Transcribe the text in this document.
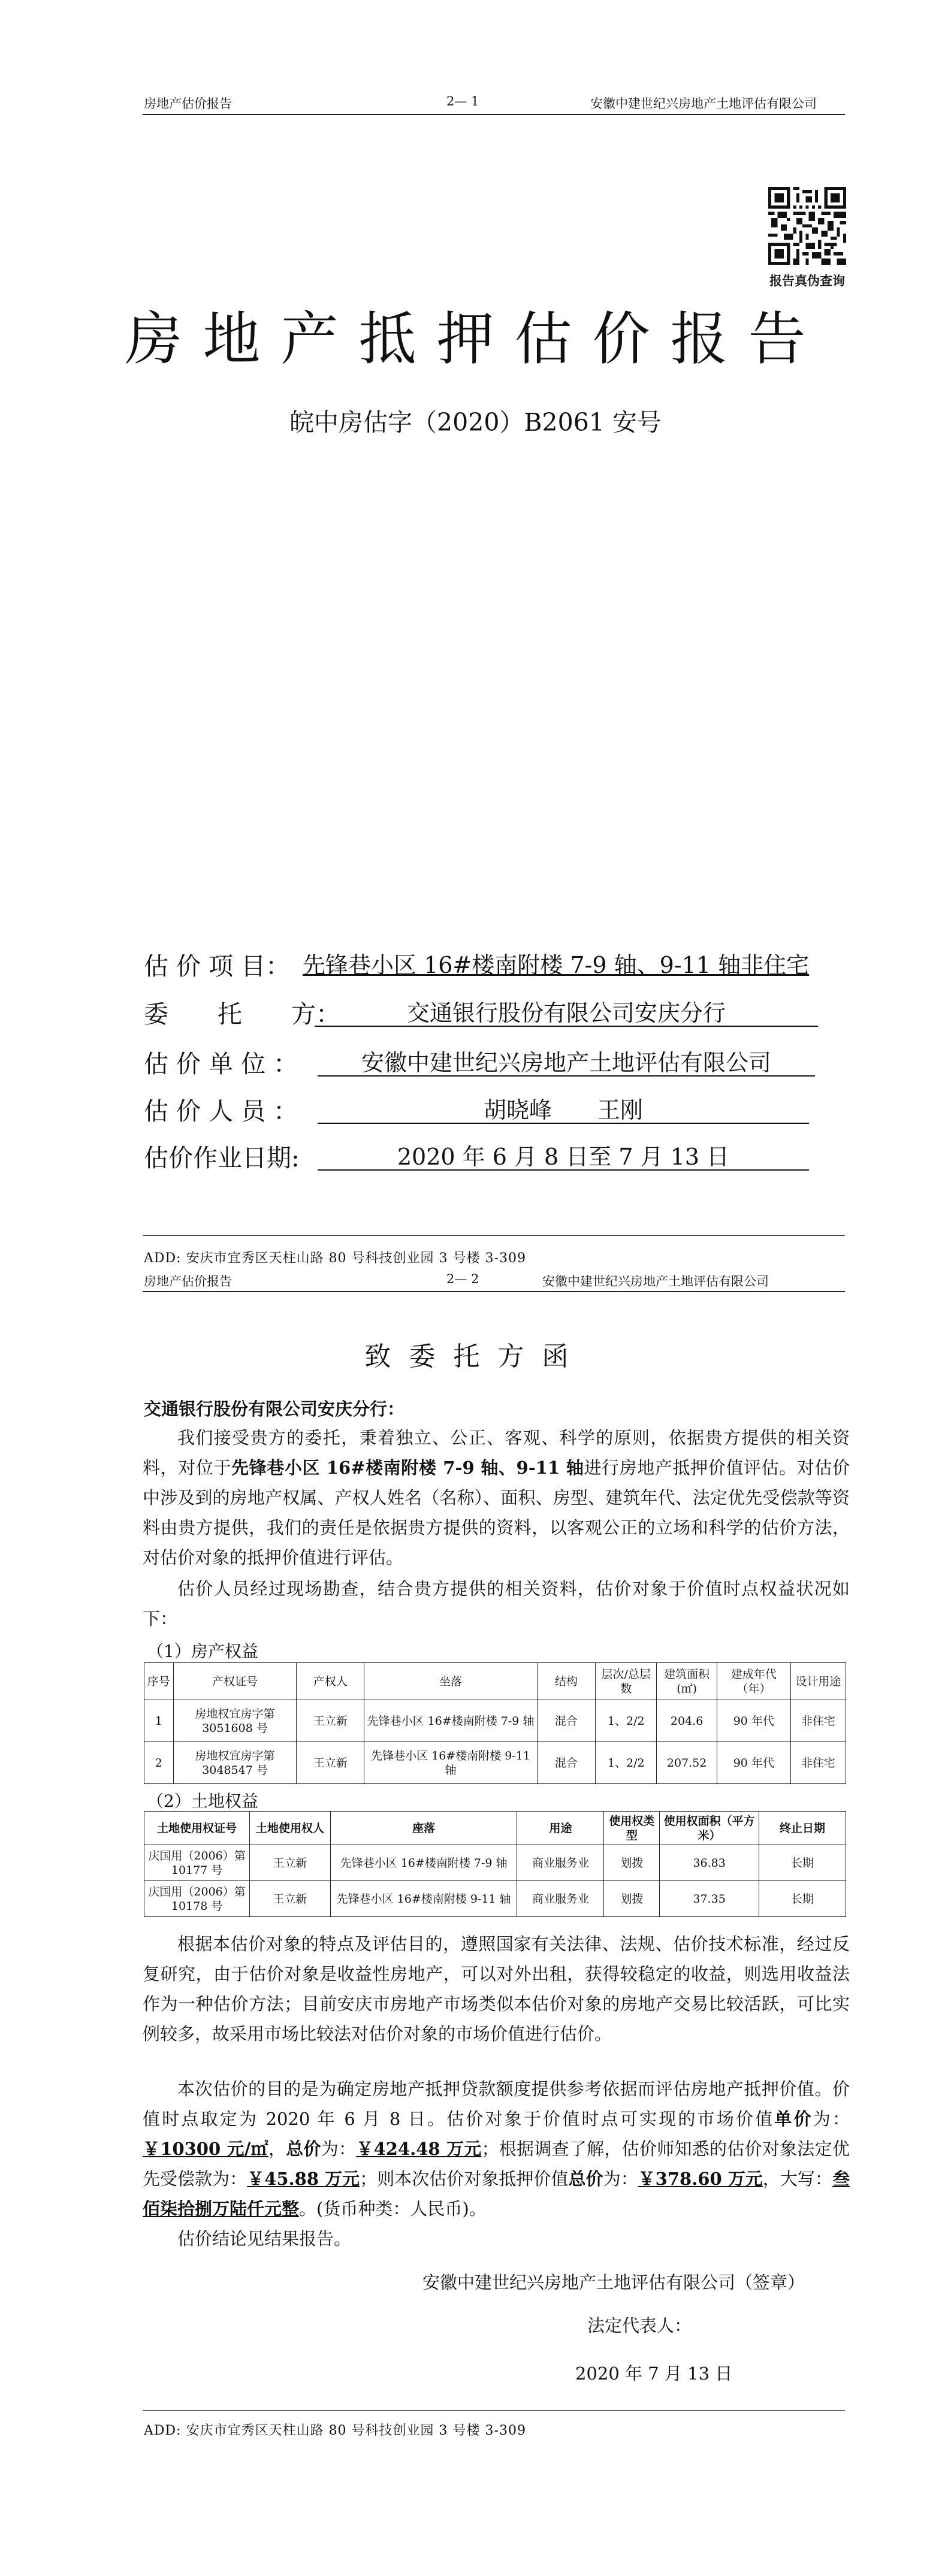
房地产估价报告	2— 1	安徽中建世纪兴房地产土地评估有限公司
报告真伪查询
房地产抵押估价报告
皖中房估字（2020）B2061 安号
估 价 项 目： 先锋巷小区 16#楼南附楼 7-9 轴、9-11 轴非住宅
委　　托　　方：	交通银行股份有限公司安庆分行
估 价 单 位 ：	安徽中建世纪兴房地产土地评估有限公司
估 价 人 员 ：	胡晓峰　　王刚
估价作业日期:	2020 年 6 月 8 日至 7 月 13 日
ADD: 安庆市宜秀区天柱山路 80 号科技创业园 3 号楼 3-309
房地产估价报告	2— 2	安徽中建世纪兴房地产土地评估有限公司
致委托方函
交通银行股份有限公司安庆分行：
我们接受贵方的委托，秉着独立、公正、客观、科学的原则，依据贵方提供的相关资料，对位于先锋巷小区 16#楼南附楼 7-9 轴、9-11 轴进行房地产抵押价值评估。对估价中涉及到的房地产权属、产权人姓名（名称）、面积、房型、建筑年代、法定优先受偿款等资料由贵方提供，我们的责任是依据贵方提供的资料，以客观公正的立场和科学的估价方法，对估价对象的抵押价值进行评估。
估价人员经过现场勘查，结合贵方提供的相关资料，估价对象于价值时点权益状况如下：
（1）房产权益
序号	产权证号	产权人	坐落	结构	层次/总层数	建筑面积(㎡)	建成年代（年）	设计用途
1	房地权宜房字第 3051608 号	王立新	先锋巷小区 16#楼南附楼 7-9 轴	混合	1、2/2	204.6	90 年代	非住宅
2	房地权宜房字第 3048547 号	王立新	先锋巷小区 16#楼南附楼 9-11 轴	混合	1、2/2	207.52	90 年代	非住宅
（2）土地权益
土地使用权证号	土地使用权人	座落	用途	使用权类型	使用权面积（平方米）	终止日期
庆国用（2006）第 10177 号	王立新	先锋巷小区 16#楼南附楼 7-9 轴	商业服务业	划拨	36.83	长期
庆国用（2006）第 10178 号	王立新	先锋巷小区 16#楼南附楼 9-11 轴	商业服务业	划拨	37.35	长期
根据本估价对象的特点及评估目的，遵照国家有关法律、法规、估价技术标准，经过反复研究，由于估价对象是收益性房地产，可以对外出租，获得较稳定的收益，则选用收益法作为一种估价方法；目前安庆市房地产市场类似本估价对象的房地产交易比较活跃，可比实例较多，故采用市场比较法对估价对象的市场价值进行估价。
本次估价的目的是为确定房地产抵押贷款额度提供参考依据而评估房地产抵押价值。价值时点取定为 2020 年 6 月 8 日。估价对象于价值时点可实现的市场价值单价为：￥10300 元/㎡，总价为：￥424.48 万元；根据调查了解，估价师知悉的估价对象法定优先受偿款为：￥45.88 万元；则本次估价对象抵押价值总价为：￥378.60 万元，大写：叁佰柒拾捌万陆仟元整。(货币种类：人民币)。
估价结论见结果报告。
安徽中建世纪兴房地产土地评估有限公司（签章）
法定代表人：
2020 年 7 月 13 日
ADD: 安庆市宜秀区天柱山路 80 号科技创业园 3 号楼 3-309
